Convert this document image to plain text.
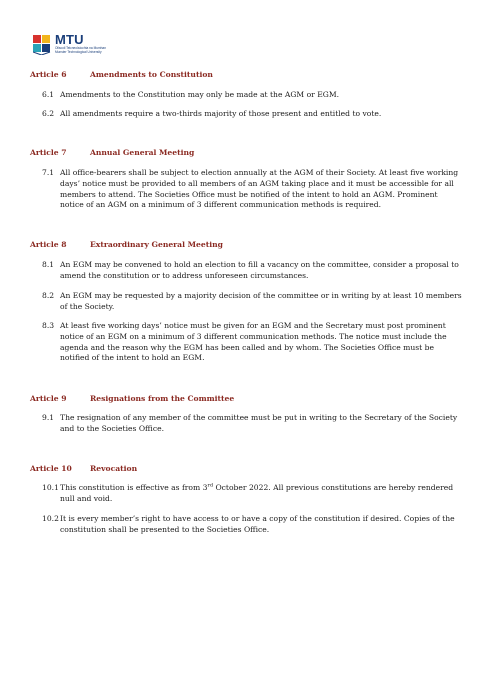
MTU
Ollscoil Teicneolaíochta na Mumhan
Munster Technological University
Article 6	Amendments to Constitution
6.1 Amendments to the Constitution may only be made at the AGM or EGM.
6.2 All amendments require a two-thirds majority of those present and entitled to vote.
Article 7	Annual General Meeting
7.1 All office-bearers shall be subject to election annually at the AGM of their Society. At least five working days’ notice must be provided to all members of an AGM taking place and it must be accessible for all members to attend. The Societies Office must be notified of the intent to hold an AGM. Prominent notice of an AGM on a minimum of 3 different communication methods is required.
Article 8	Extraordinary General Meeting
8.1 An EGM may be convened to hold an election to fill a vacancy on the committee, consider a proposal to amend the constitution or to address unforeseen circumstances.
8.2 An EGM may be requested by a majority decision of the committee or in writing by at least 10 members of the Society.
8.3 At least five working days’ notice must be given for an EGM and the Secretary must post prominent notice of an EGM on a minimum of 3 different communication methods. The notice must include the agenda and the reason why the EGM has been called and by whom. The Societies Office must be notified of the intent to hold an EGM.
Article 9	Resignations from the Committee
9.1 The resignation of any member of the committee must be put in writing to the Secretary of the Society and to the Societies Office.
Article 10 Revocation
10.1 This constitution is effective as from 3rd October 2022. All previous constitutions are hereby rendered null and void.
10.2 It is every member’s right to have access to or have a copy of the constitution if desired. Copies of the constitution shall be presented to the Societies Office.
